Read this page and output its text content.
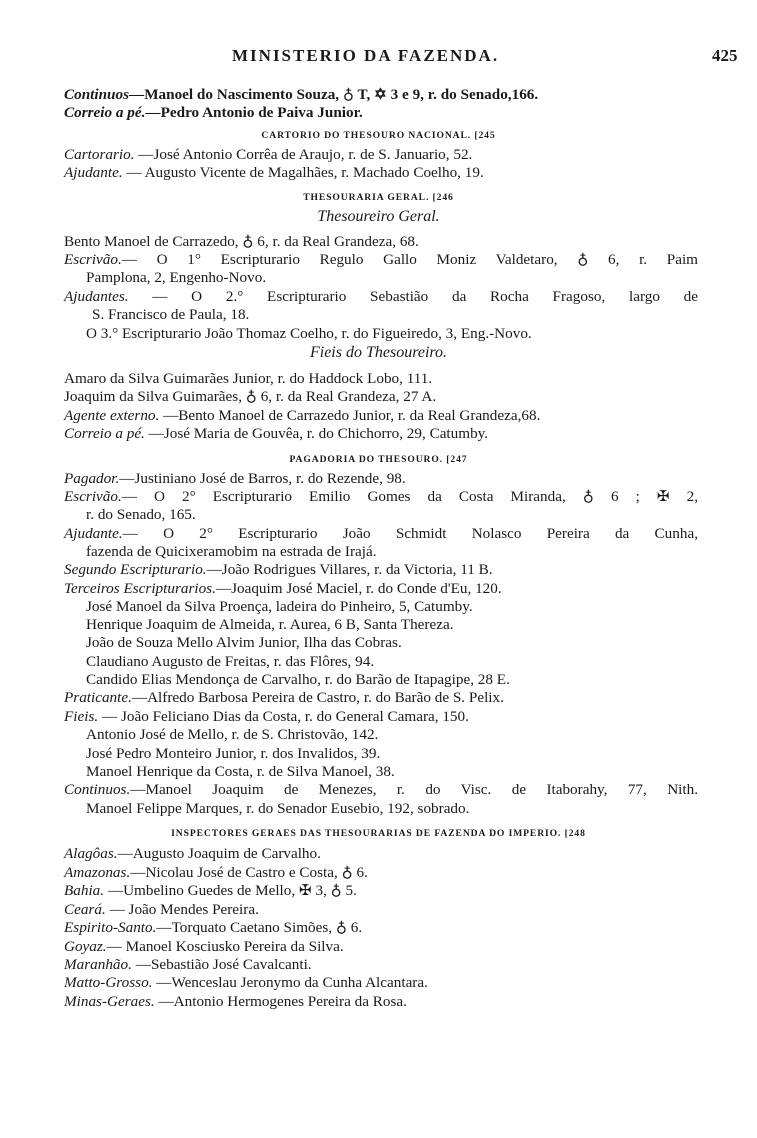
MINISTERIO DA FAZENDA.	425
Continuos—Manoel do Nascimento Souza, ♁ T, ✡ 3 e 9, r. do Senado,166.
Correio a pé.—Pedro Antonio de Paiva Junior.
CARTORIO DO THESOURO NACIONAL. [245
Cartorario. —José Antonio Corrêa de Araujo, r. de S. Januario, 52.
Ajudante. — Augusto Vicente de Magalhães, r. Machado Coelho, 19.
THESOURARIA GERAL. [246
Thesoureiro Geral.
Bento Manoel de Carrazedo, ♁ 6, r. da Real Grandeza, 68.
Escrivão.— O 1° Escripturario Regulo Gallo Moniz Valdetaro, ♁ 6, r. Paim
Pamplona, 2, Engenho-Novo.
Ajudantes. — O 2.° Escripturario Sebastião da Rocha Fragoso, largo de
S. Francisco de Paula, 18.
O 3.° Escripturario João Thomaz Coelho, r. do Figueiredo, 3, Eng.-Novo.
Fieis do Thesoureiro.
Amaro da Silva Guimarães Junior, r. do Haddock Lobo, 111.
Joaquim da Silva Guimarães, ♁ 6, r. da Real Grandeza, 27 A.
Agente externo. —Bento Manoel de Carrazedo Junior, r. da Real Grandeza,68.
Correio a pé. —José Maria de Gouvêa, r. do Chichorro, 29, Catumby.
PAGADORIA DO THESOURO. [247
Pagador.—Justiniano José de Barros, r. do Rezende, 98.
Escrivão.— O 2° Escripturario Emilio Gomes da Costa Miranda, ♁ 6 ; ✠ 2,
r. do Senado, 165.
Ajudante.— O 2° Escripturario João Schmidt Nolasco Pereira da Cunha,
fazenda de Quicixeramobim na estrada de Irajá.
Segundo Escripturario.—João Rodrigues Villares, r. da Victoria, 11 B.
Terceiros Escripturarios.—Joaquim José Maciel, r. do Conde d'Eu, 120.
José Manoel da Silva Proença, ladeira do Pinheiro, 5, Catumby.
Henrique Joaquim de Almeida, r. Aurea, 6 B, Santa Thereza.
João de Souza Mello Alvim Junior, Ilha das Cobras.
Claudiano Augusto de Freitas, r. das Flôres, 94.
Candido Elias Mendonça de Carvalho, r. do Barão de Itapagipe, 28 E.
Praticante.—Alfredo Barbosa Pereira de Castro, r. do Barão de S. Pelix.
Fieis. — João Feliciano Dias da Costa, r. do General Camara, 150.
Antonio José de Mello, r. de S. Christovão, 142.
José Pedro Monteiro Junior, r. dos Invalidos, 39.
Manoel Henrique da Costa, r. de Silva Manoel, 38.
Continuos.—Manoel Joaquim de Menezes, r. do Visc. de Itaborahy, 77, Nith.
Manoel Felippe Marques, r. do Senador Eusebio, 192, sobrado.
INSPECTORES GERAES DAS THESOURARIAS DE FAZENDA DO IMPERIO. [248
Alagôas.—Augusto Joaquim de Carvalho.
Amazonas.—Nicolau José de Castro e Costa, ♁ 6.
Bahia. —Umbelino Guedes de Mello, ✠ 3, ♁ 5.
Ceará. — João Mendes Pereira.
Espirito-Santo.—Torquato Caetano Simões, ♁ 6.
Goyaz.— Manoel Kosciusko Pereira da Silva.
Maranhão. —Sebastião José Cavalcanti.
Matto-Grosso. —Wenceslau Jeronymo da Cunha Alcantara.
Minas-Geraes. —Antonio Hermogenes Pereira da Rosa.
